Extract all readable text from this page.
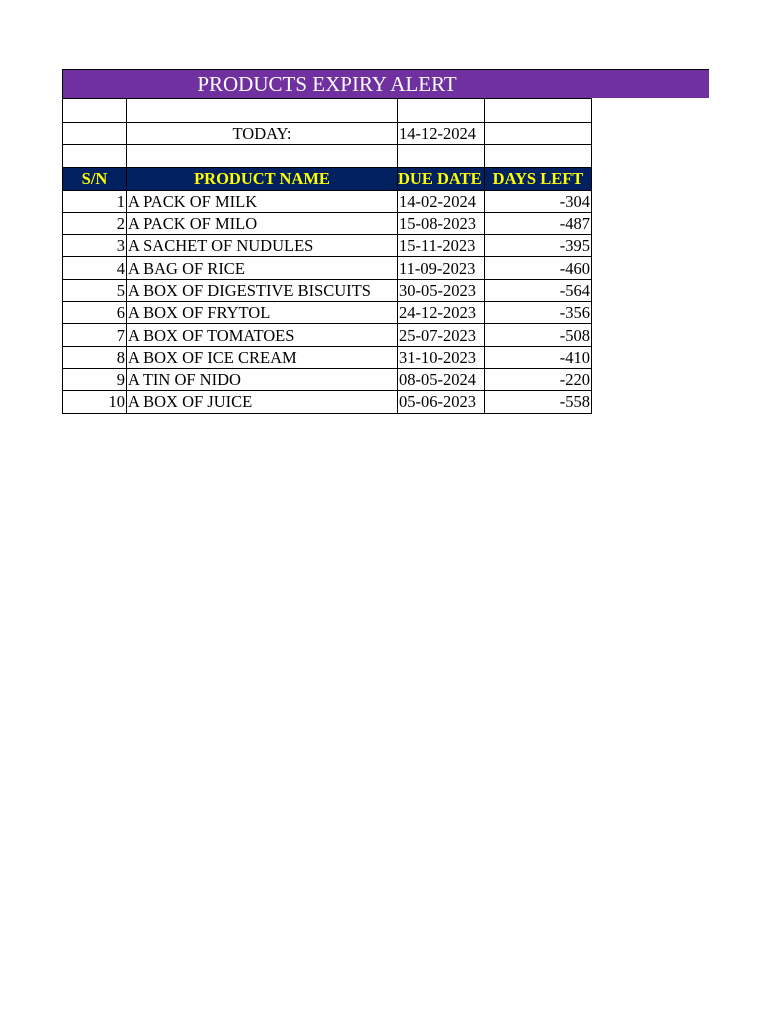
PRODUCTS EXPIRY ALERT

	TODAY:	14-12-2024	

S/N	PRODUCT NAME	DUE DATE	DAYS LEFT
1	A PACK OF MILK	14-02-2024	-304
2	A PACK OF MILO	15-08-2023	-487
3	A SACHET OF NUDULES	15-11-2023	-395
4	A BAG OF RICE	11-09-2023	-460
5	A BOX OF DIGESTIVE BISCUITS	30-05-2023	-564
6	A BOX OF FRYTOL	24-12-2023	-356
7	A BOX OF TOMATOES	25-07-2023	-508
8	A BOX OF ICE CREAM	31-10-2023	-410
9	A TIN OF NIDO	08-05-2024	-220
10	A BOX OF JUICE	05-06-2023	-558
